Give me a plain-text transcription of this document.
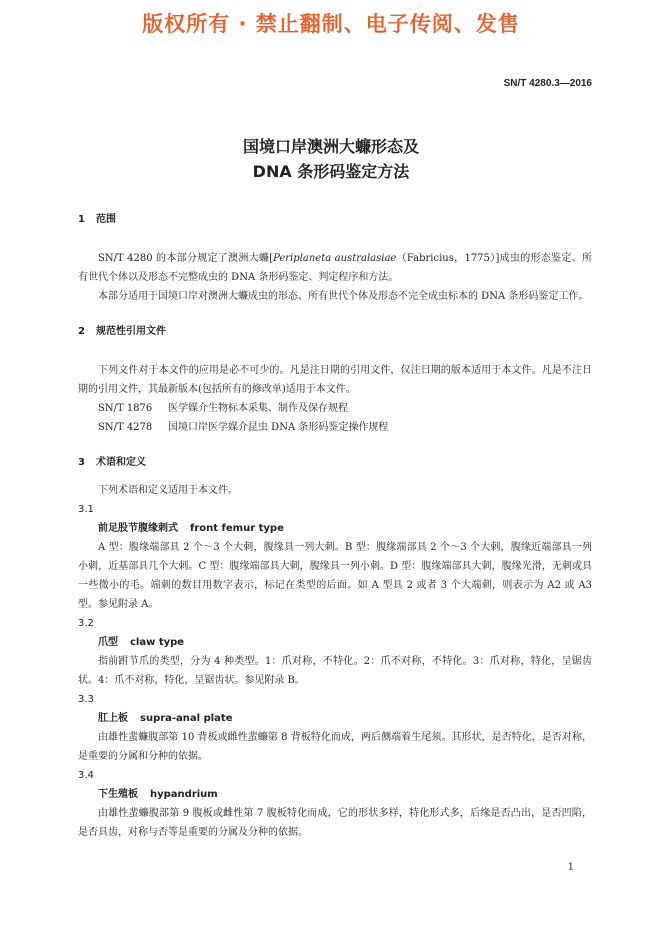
版权所有 · 禁止翻制、电子传阅、发售
SN/T 4280.3—2016
国境口岸澳洲大蠊形态及
DNA 条形码鉴定方法
1 范围

SN/T 4280 的本部分规定了澳洲大蠊[Periplaneta australasiae（Fabricius，1775）]成虫的形态鉴定、所有世代个体以及形态不完整成虫的 DNA 条形码鉴定、判定程序和方法。

本部分适用于国境口岸对澳洲大蠊成虫的形态、所有世代个体及形态不完全成虫标本的 DNA 条形码鉴定工作。

2 规范性引用文件

下列文件对于本文件的应用是必不可少的。凡是注日期的引用文件，仅注日期的版本适用于本文件。凡是不注日期的引用文件，其最新版本(包括所有的修改单)适用于本文件。

SN/T 1876 医学媒介生物标本采集、制作及保存规程
SN/T 4278 国境口岸医学媒介昆虫 DNA 条形码鉴定操作规程
3 术语和定义

下列术语和定义适用于本文件。

3.1
前足股节腹缘刺式 front femur type

A 型：腹缘端部具 2 个～3 个大刺，腹缘具一列大刺。B 型：腹缘端部具 2 个～3 个大刺，腹缘近端部具一列小刺，近基部具几个大刺。C 型：腹缘端部具大刺，腹缘具一列小刺。D 型：腹缘端部具大刺，腹缘光滑，无刺或具一些微小的毛。端刺的数目用数字表示，标记在类型的后面。如 A 型具 2 或者 3 个大端刺，则表示为 A2 或 A3 型。参见附录 A。

3.2
爪型 claw type

指前跗节爪的类型，分为 4 种类型。1：爪对称，不特化。2：爪不对称，不特化。3：爪对称，特化，呈锯齿状。4：爪不对称，特化，呈锯齿状。参见附录 B。

3.3
肛上板 supra-anal plate

由雄性蜚蠊腹部第 10 背板或雌性蜚蠊第 8 背板特化而成，两后侧端着生尾须。其形状，是否特化，是否对称，是重要的分属和分种的依据。

3.4
下生殖板 hypandrium

由雄性蜚蠊腹部第 9 腹板或雌性第 7 腹板特化而成，它的形状多样，特化形式多，后缘是否凸出，是否凹陷，是否具齿，对称与否等是重要的分属及分种的依据。

1
